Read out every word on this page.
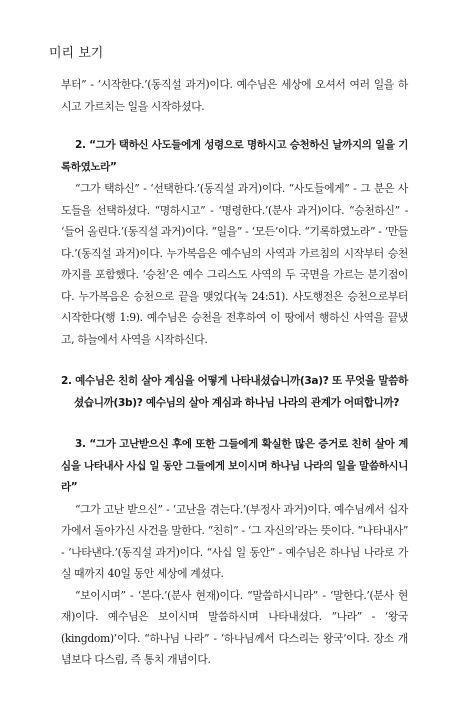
미리 보기

부터” - ‘시작한다.’(동직설 과거)이다. 예수님은 세상에 오셔서 여러 일을 하시고 가르치는 일을 시작하셨다.

2. “그가 택하신 사도들에게 성령으로 명하시고 승천하신 날까지의 일을 기록하였노라”

“그가 택하신” - ‘선택한다.’(동직설 과거)이다. “사도들에게” - 그 분은 사도들을 선택하셨다. “명하시고” - ‘명령한다.’(분사 과거)이다. “승천하신” - ‘들어 올린다.’(동직설 과거)이다. “일을” - ‘모든’이다. “기록하였노라” - ‘만들다.’(동직설 과거)이다. 누가복음은 예수님의 사역과 가르침의 시작부터 승천까지를 포함했다. ‘승천’은 예수 그리스도 사역의 두 국면을 가르는 분기점이다. 누가복음은 승천으로 끝을 맺었다(눅 24:51). 사도행전은 승천으로부터 시작한다(행 1:9). 예수님은 승천을 전후하여 이 땅에서 행하신 사역을 끝냈고, 하늘에서 사역을 시작하신다.

2. 예수님은 친히 살아 계심을 어떻게 나타내셨습니까(3a)? 또 무엇을 말씀하셨습니까(3b)? 예수님의 살아 계심과 하나님 나라의 관계가 어떠합니까?

3. “그가 고난받으신 후에 또한 그들에게 확실한 많은 증거로 친히 살아 계심을 나타내사 사십 일 동안 그들에게 보이시며 하나님 나라의 일을 말씀하시니라”

“그가 고난 받으신” - ‘고난을 겪는다.’(부정사 과거)이다. 예수님께서 십자가에서 돌아가신 사건을 말한다. “친히” - ‘그 자신의’라는 뜻이다. “나타내사” - ‘나타낸다.’(동직설 과거)이다. “사십 일 동안” - 예수님은 하나님 나라로 가실 때까지 40일 동안 세상에 계셨다.

“보이시며” - ‘본다.’(분사 현재)이다. “말씀하시니라” - ‘말한다.’(분사 현재)이다. 예수님은 보이시며 말씀하시며 나타내셨다. “나라” - ‘왕국(kingdom)’이다. “하나님 나라” - ‘하나님께서 다스리는 왕국’이다. 장소 개념보다 다스림, 즉 통치 개념이다.
